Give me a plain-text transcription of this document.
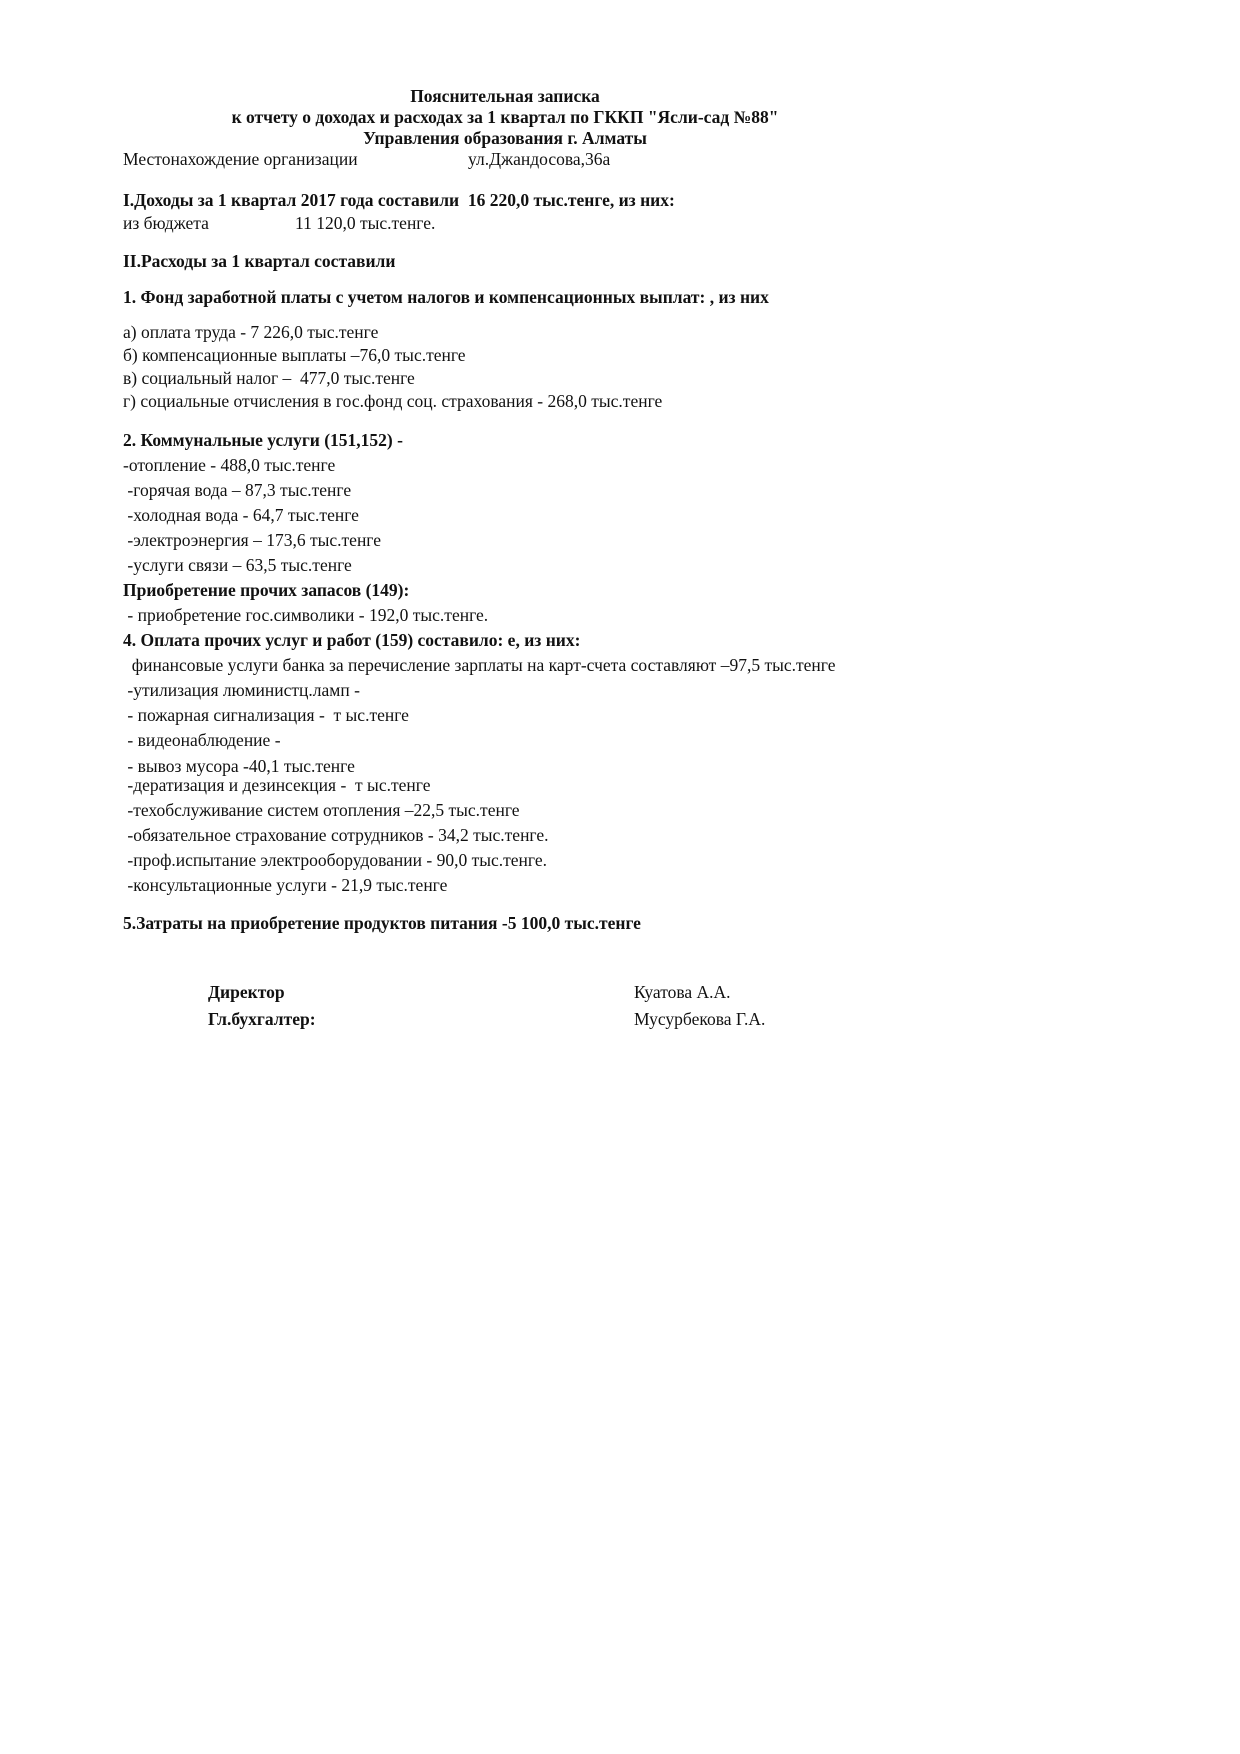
Пояснительная записка
к отчету о доходах и расходах за 1 квартал по ГККП "Ясли-сад №88"
Управления образования г. Алматы
Местонахождение организации	ул.Джандосова,36а
I.Доходы за 1 квартал 2017 года составили  16 220,0 тыс.тенге, из них:
из бюджета	11 120,0 тыс.тенге.
II.Расходы за 1 квартал составили
1. Фонд заработной платы с учетом налогов и компенсационных выплат: , из них
а) оплата труда - 7 226,0 тыс.тенге
б) компенсационные выплаты –76,0 тыс.тенге
в) социальный налог –  477,0 тыс.тенге
г) социальные отчисления в гос.фонд соц. страхования - 268,0 тыс.тенге
2. Коммунальные услуги (151,152) -
-отопление - 488,0 тыс.тенге
-горячая вода – 87,3 тыс.тенге
-холодная вода - 64,7 тыс.тенге
-электроэнергия – 173,6 тыс.тенге
-услуги связи – 63,5 тыс.тенге
Приобретение прочих запасов (149):
- приобретение гос.символики - 192,0 тыс.тенге.
4. Оплата прочих услуг и работ (159) составило: е, из них:
финансовые услуги банка за перечисление зарплаты на карт-счета составляют –97,5 тыс.тенге
-утилизация люминистц.ламп -
- пожарная сигнализация -  т ыс.тенге
- видеонаблюдение -
- вывоз мусора -40,1 тыс.тенге
-дератизация и дезинсекция -  т ыс.тенге
-техобслуживание систем отопления –22,5 тыс.тенге
-обязательное страхование сотрудников - 34,2 тыс.тенге.
-проф.испытание электрооборудовании - 90,0 тыс.тенге.
-консультационные услуги - 21,9 тыс.тенге
5.Затраты на приобретение продуктов питания -5 100,0 тыс.тенге
Директор	Куатова А.А.
Гл.бухгалтер:	Мусурбекова Г.А.
